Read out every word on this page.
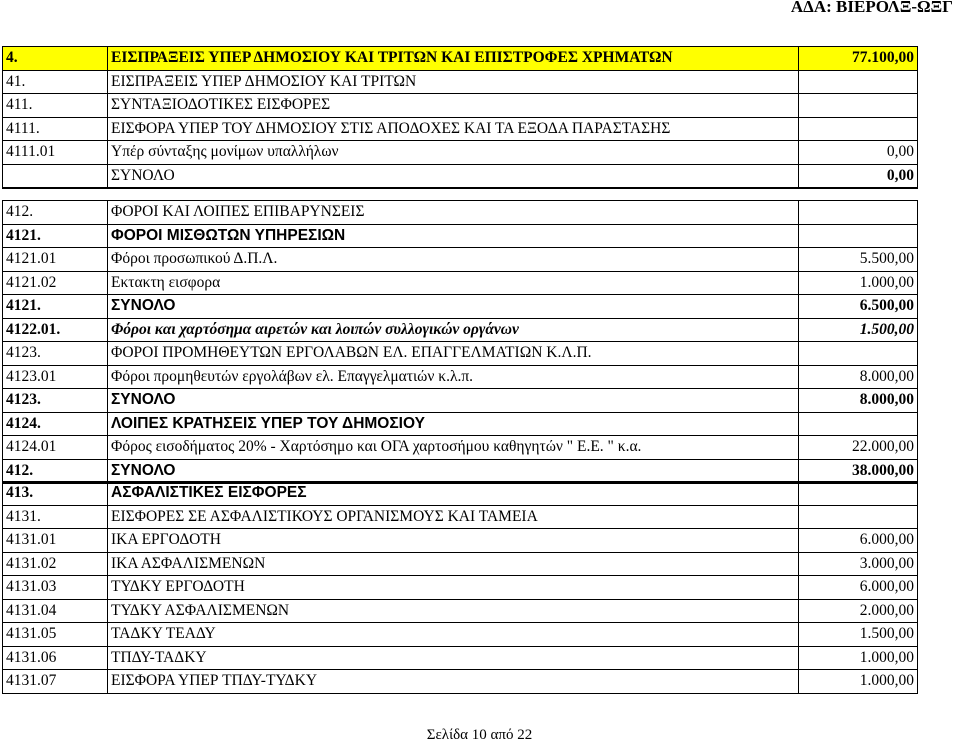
ΑΔΑ: ΒΙΕΡΟΛΞ-ΩΞΓ
4.	ΕΙΣΠΡΑΞΕΙΣ ΥΠΕΡ ΔΗΜΟΣΙΟΥ ΚΑΙ ΤΡΙΤΩΝ ΚΑΙ ΕΠΙΣΤΡΟΦΕΣ ΧΡΗΜΑΤΩΝ	77.100,00
41.	ΕΙΣΠΡΑΞΕΙΣ ΥΠΕΡ ΔΗΜΟΣΙΟΥ ΚΑΙ ΤΡΙΤΩΝ	
411.	ΣΥΝΤΑΞΙΟΔΟΤΙΚΕΣ ΕΙΣΦΟΡΕΣ	
4111.	ΕΙΣΦΟΡΑ ΥΠΕΡ ΤΟΥ ΔΗΜΟΣΙΟΥ ΣΤΙΣ ΑΠΟΔΟΧΕΣ ΚΑΙ ΤΑ ΕΞΟΔΑ ΠΑΡΑΣΤΑΣΗΣ	
4111.01	Υπέρ σύνταξης μονίμων υπαλλήλων	0,00
	ΣΥΝΟΛΟ	0,00
412.	ΦΟΡΟΙ ΚΑΙ ΛΟΙΠΕΣ ΕΠΙΒΑΡΥΝΣΕΙΣ	
4121.	ΦΟΡΟΙ ΜΙΣΘΩΤΩΝ ΥΠΗΡΕΣΙΩΝ	
4121.01	Φόροι προσωπικού Δ.Π.Λ.	5.500,00
4121.02	Εκτακτη εισφορα	1.000,00
4121.	ΣΥΝΟΛΟ	6.500,00
4122.01.	Φόροι και χαρτόσημα αιρετών και λοιπών συλλογικών οργάνων	1.500,00
4123.	ΦΟΡΟΙ ΠΡΟΜΗΘΕΥΤΩΝ ΕΡΓΟΛΑΒΩΝ ΕΛ. ΕΠΑΓΓΕΛΜΑΤΙΩΝ Κ.Λ.Π.	
4123.01	Φόροι προμηθευτών εργολάβων ελ. Επαγγελματιών κ.λ.π.	8.000,00
4123.	ΣΥΝΟΛΟ	8.000,00
4124.	ΛΟΙΠΕΣ ΚΡΑΤΗΣΕΙΣ ΥΠΕΡ ΤΟΥ ΔΗΜΟΣΙΟΥ	
4124.01	Φόρος εισοδήματος 20% - Χαρτόσημο και ΟΓΑ χαρτοσήμου καθηγητών " Ε.Ε. " κ.α.	22.000,00
412.	ΣΥΝΟΛΟ	38.000,00
413.	ΑΣΦΑΛΙΣΤΙΚΕΣ ΕΙΣΦΟΡΕΣ	
4131.	ΕΙΣΦΟΡΕΣ ΣΕ ΑΣΦΑΛΙΣΤΙΚΟΥΣ ΟΡΓΑΝΙΣΜΟΥΣ ΚΑΙ ΤΑΜΕΙΑ	
4131.01	ΙΚΑ ΕΡΓΟΔΟΤΗ	6.000,00
4131.02	ΙΚΑ ΑΣΦΑΛΙΣΜΕΝΩΝ	3.000,00
4131.03	ΤΥΔΚΥ ΕΡΓΟΔΟΤΗ	6.000,00
4131.04	ΤΥΔΚΥ ΑΣΦΑΛΙΣΜΕΝΩΝ	2.000,00
4131.05	ΤΑΔΚΥ ΤΕΑΔΥ	1.500,00
4131.06	ΤΠΔΥ-ΤΑΔΚΥ	1.000,00
4131.07	ΕΙΣΦΟΡΑ ΥΠΕΡ ΤΠΔΥ-ΤΥΔΚΥ	1.000,00
Σελίδα 10 από 22
